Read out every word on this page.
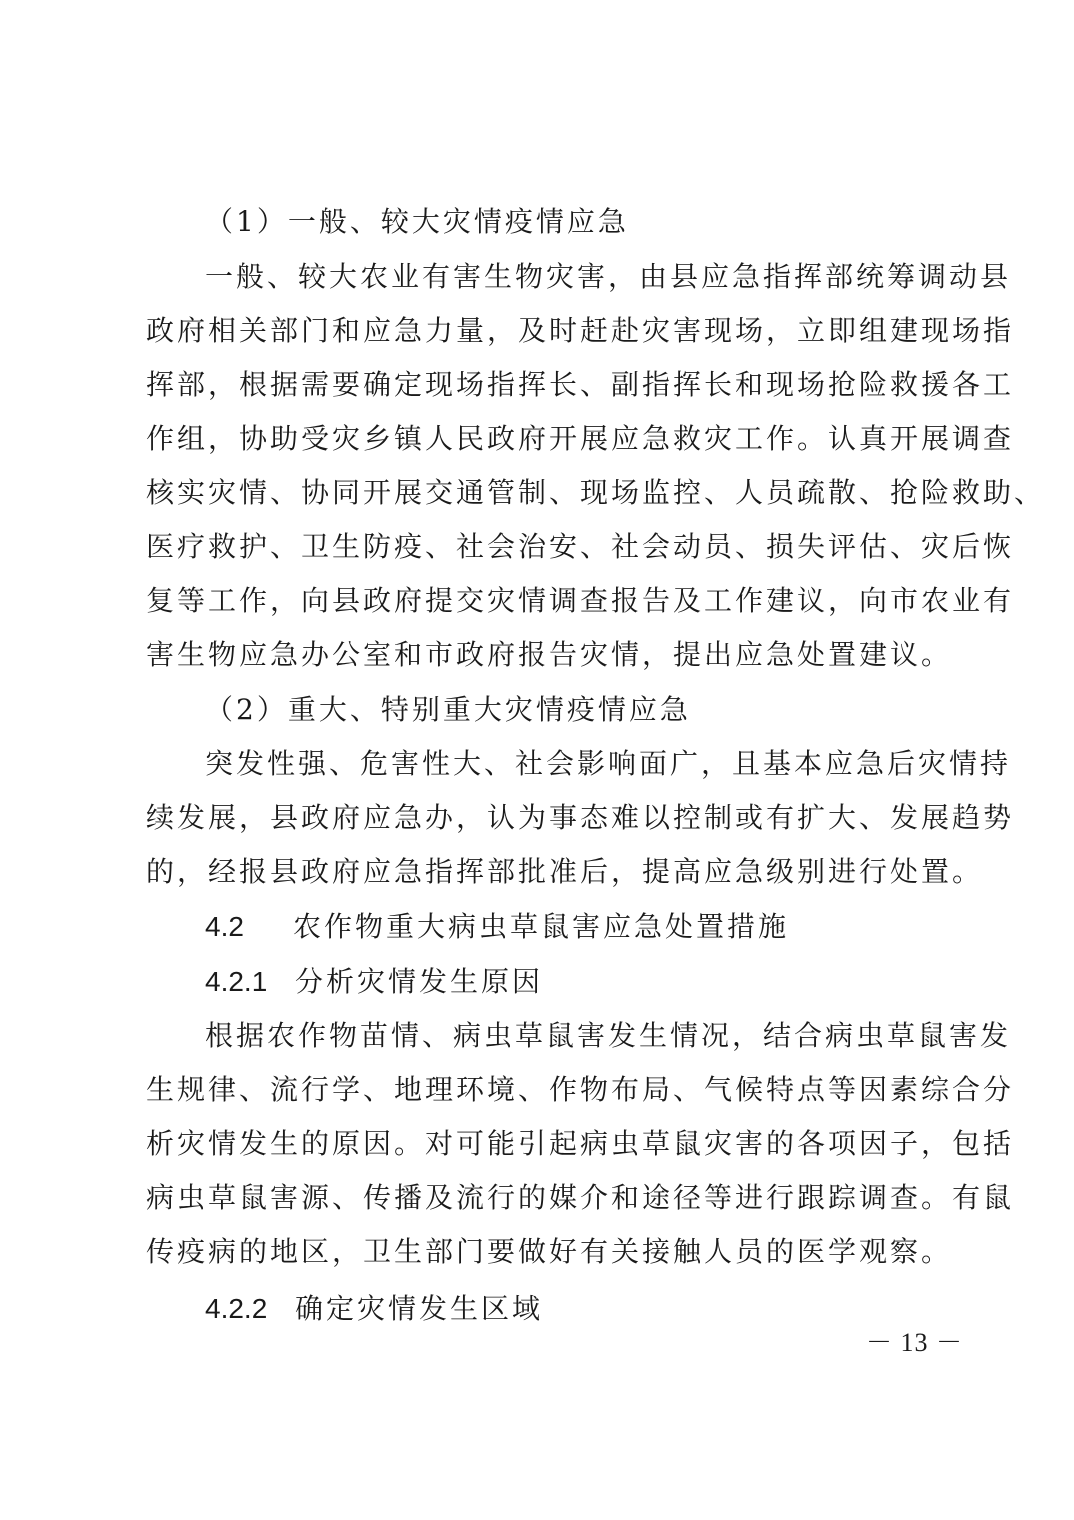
（1）一般、较大灾情疫情应急
一般、较大农业有害生物灾害，由县应急指挥部统筹调动县
政府相关部门和应急力量，及时赶赴灾害现场，立即组建现场指
挥部，根据需要确定现场指挥长、副指挥长和现场抢险救援各工
作组，协助受灾乡镇人民政府开展应急救灾工作。认真开展调查
核实灾情、协同开展交通管制、现场监控、人员疏散、抢险救助、
医疗救护、卫生防疫、社会治安、社会动员、损失评估、灾后恢
复等工作，向县政府提交灾情调查报告及工作建议，向市农业有
害生物应急办公室和市政府报告灾情，提出应急处置建议。
（2）重大、特别重大灾情疫情应急
突发性强、危害性大、社会影响面广，且基本应急后灾情持
续发展，县政府应急办，认为事态难以控制或有扩大、发展趋势
的，经报县政府应急指挥部批准后，提高应急级别进行处置。
4.2 农作物重大病虫草鼠害应急处置措施
4.2.1 分析灾情发生原因
根据农作物苗情、病虫草鼠害发生情况，结合病虫草鼠害发
生规律、流行学、地理环境、作物布局、气候特点等因素综合分
析灾情发生的原因。对可能引起病虫草鼠灾害的各项因子，包括
病虫草鼠害源、传播及流行的媒介和途径等进行跟踪调查。有鼠
传疫病的地区，卫生部门要做好有关接触人员的医学观察。
4.2.2 确定灾情发生区域
－ 13 －
